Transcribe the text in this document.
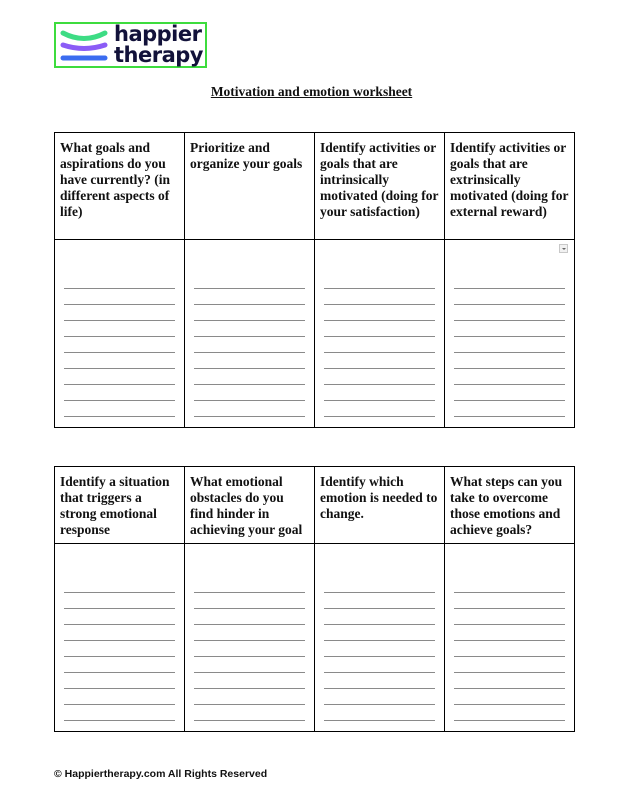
happier
therapy
Motivation and emotion worksheet
What goals and aspirations do you have currently? (in different aspects of life)	Prioritize and organize your goals	Identify activities or goals that are intrinsically motivated (doing for your satisfaction)	Identify activities or goals that are extrinsically motivated (doing for external reward)

Identify a situation that triggers a strong emotional response	What emotional obstacles do you find hinder in achieving your goal	Identify which emotion is needed to change.	What steps can you take to overcome those emotions and achieve goals?

© Happiertherapy.com All Rights Reserved
